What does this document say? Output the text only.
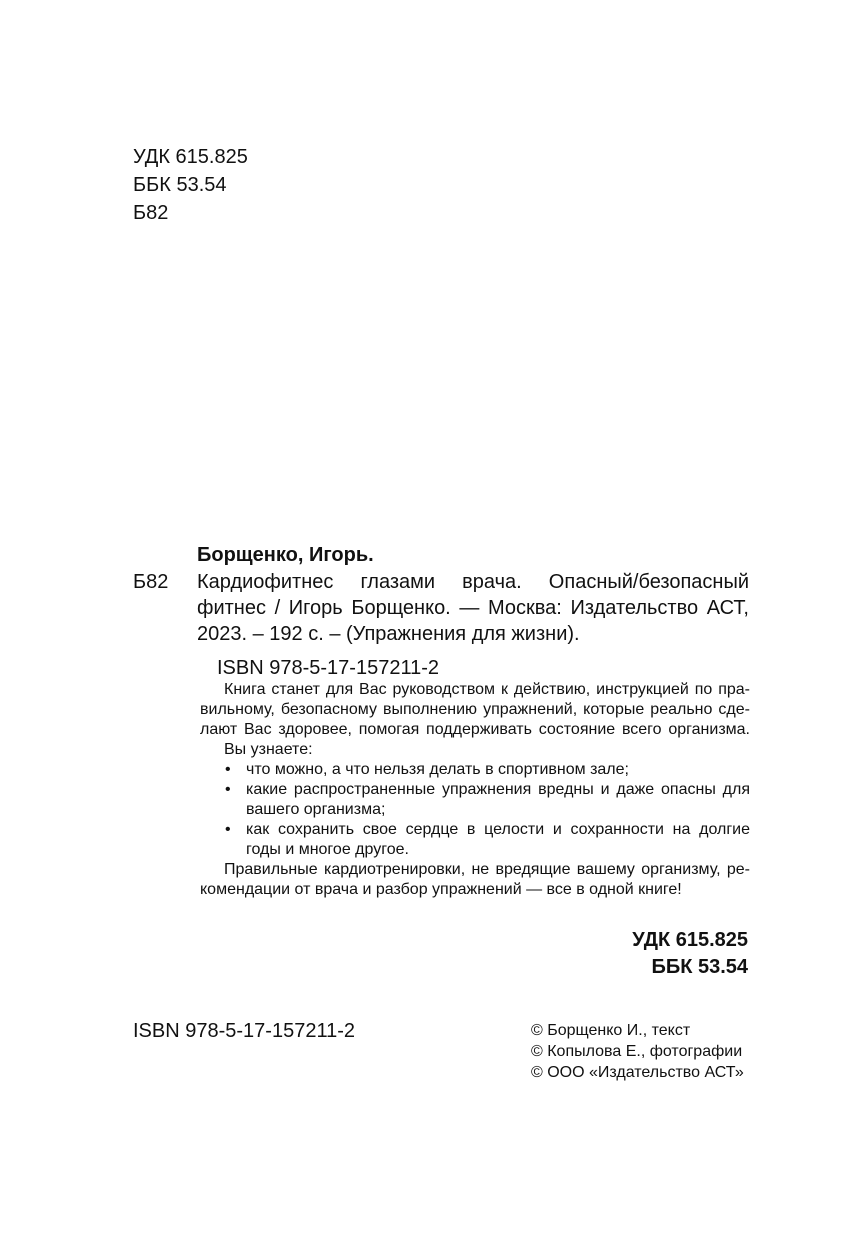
УДК 615.825
ББК 53.54
Б82
Борщенко, Игорь.
Б82 Кардиофитнес глазами врача. Опасный/безопасный
фитнес / Игорь Борщенко. — Москва: Издательство АСТ,
2023. – 192 с. – (Упражнения для жизни).
ISBN 978-5-17-157211-2
Книга станет для Вас руководством к действию, инструкцией по пра-
вильному, безопасному выполнению упражнений, которые реально сде-
лают Вас здоровее, помогая поддерживать состояние всего организма.
Вы узнаете:
• что можно, а что нельзя делать в спортивном зале;
• какие распространенные упражнения вредны и даже опасны для
вашего организма;
• как сохранить свое сердце в целости и сохранности на долгие
годы и многое другое.
Правильные кардиотренировки, не вредящие вашему организму, ре-
комендации от врача и разбор упражнений — все в одной книге!
УДК 615.825
ББК 53.54
ISBN 978-5-17-157211-2	© Борщенко И., текст
© Копылова Е., фотографии
© ООО «Издательство АСТ»
